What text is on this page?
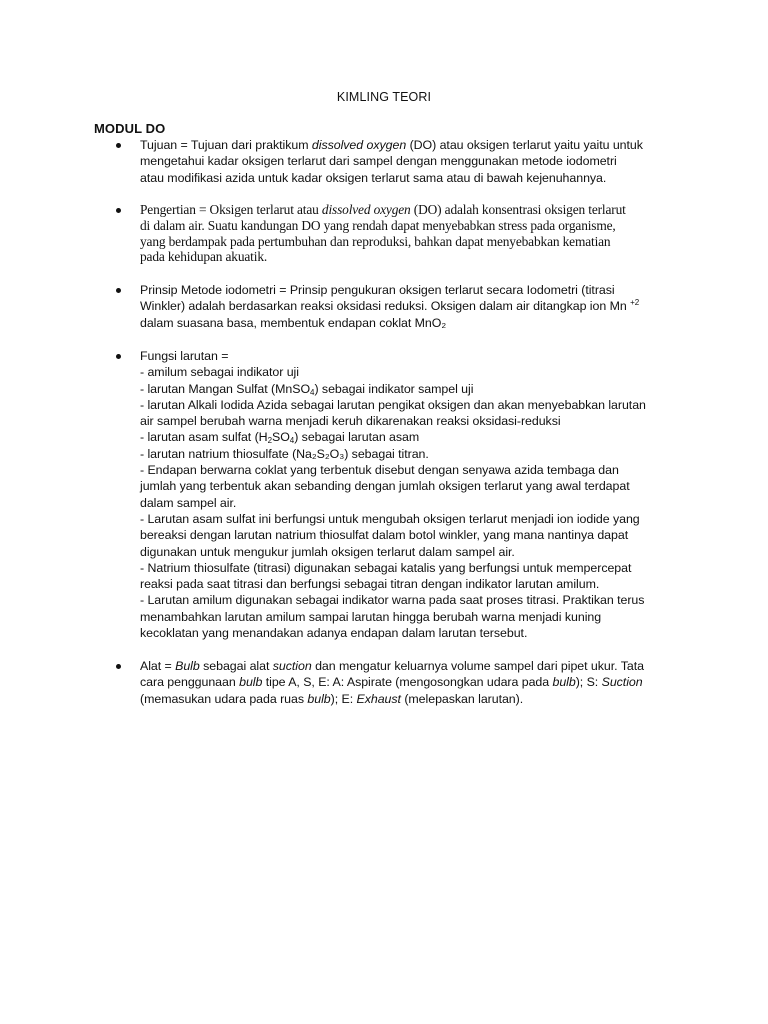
KIMLING TEORI
MODUL DO
Tujuan = Tujuan dari praktikum dissolved oxygen (DO) atau oksigen terlarut yaitu yaitu untuk
mengetahui kadar oksigen terlarut dari sampel dengan menggunakan metode iodometri
atau modifikasi azida untuk kadar oksigen terlarut sama atau di bawah kejenuhannya.
Pengertian = Oksigen terlarut atau dissolved oxygen (DO) adalah konsentrasi oksigen terlarut
di dalam air. Suatu kandungan DO yang rendah dapat menyebabkan stress pada organisme,
yang berdampak pada pertumbuhan dan reproduksi, bahkan dapat menyebabkan kematian
pada kehidupan akuatik.
Prinsip Metode iodometri = Prinsip pengukuran oksigen terlarut secara Iodometri (titrasi
Winkler) adalah berdasarkan reaksi oksidasi reduksi. Oksigen dalam air ditangkap ion Mn $^{+2}$
dalam suasana basa, membentuk endapan coklat MnO₂
Fungsi larutan =
- amilum sebagai indikator uji
- larutan Mangan Sulfat (MnSO$_4$) sebagai indikator sampel uji
- larutan Alkali Iodida Azida sebagai larutan pengikat oksigen dan akan menyebabkan larutan
air sampel berubah warna menjadi keruh dikarenakan reaksi oksidasi-reduksi
- larutan asam sulfat $(H_2SO_4)$ sebagai larutan asam
- larutan natrium thiosulfate (Na₂S₂O₃) sebagai titran.
- Endapan berwarna coklat yang terbentuk disebut dengan senyawa azida tembaga dan
jumlah yang terbentuk akan sebanding dengan jumlah oksigen terlarut yang awal terdapat
dalam sampel air.
- Larutan asam sulfat ini berfungsi untuk mengubah oksigen terlarut menjadi ion iodide yang
bereaksi dengan larutan natrium thiosulfat dalam botol winkler, yang mana nantinya dapat
digunakan untuk mengukur jumlah oksigen terlarut dalam sampel air.
- Natrium thiosulfate (titrasi) digunakan sebagai katalis yang berfungsi untuk mempercepat
reaksi pada saat titrasi dan berfungsi sebagai titran dengan indikator larutan amilum.
- Larutan amilum digunakan sebagai indikator warna pada saat proses titrasi. Praktikan terus
menambahkan larutan amilum sampai larutan hingga berubah warna menjadi kuning
kecoklatan yang menandakan adanya endapan dalam larutan tersebut.
Alat = Bulb sebagai alat suction dan mengatur keluarnya volume sampel dari pipet ukur. Tata
cara penggunaan bulb tipe A, S, E: A: Aspirate (mengosongkan udara pada bulb); S: Suction
(memasukan udara pada ruas bulb); E: Exhaust (melepaskan larutan).
